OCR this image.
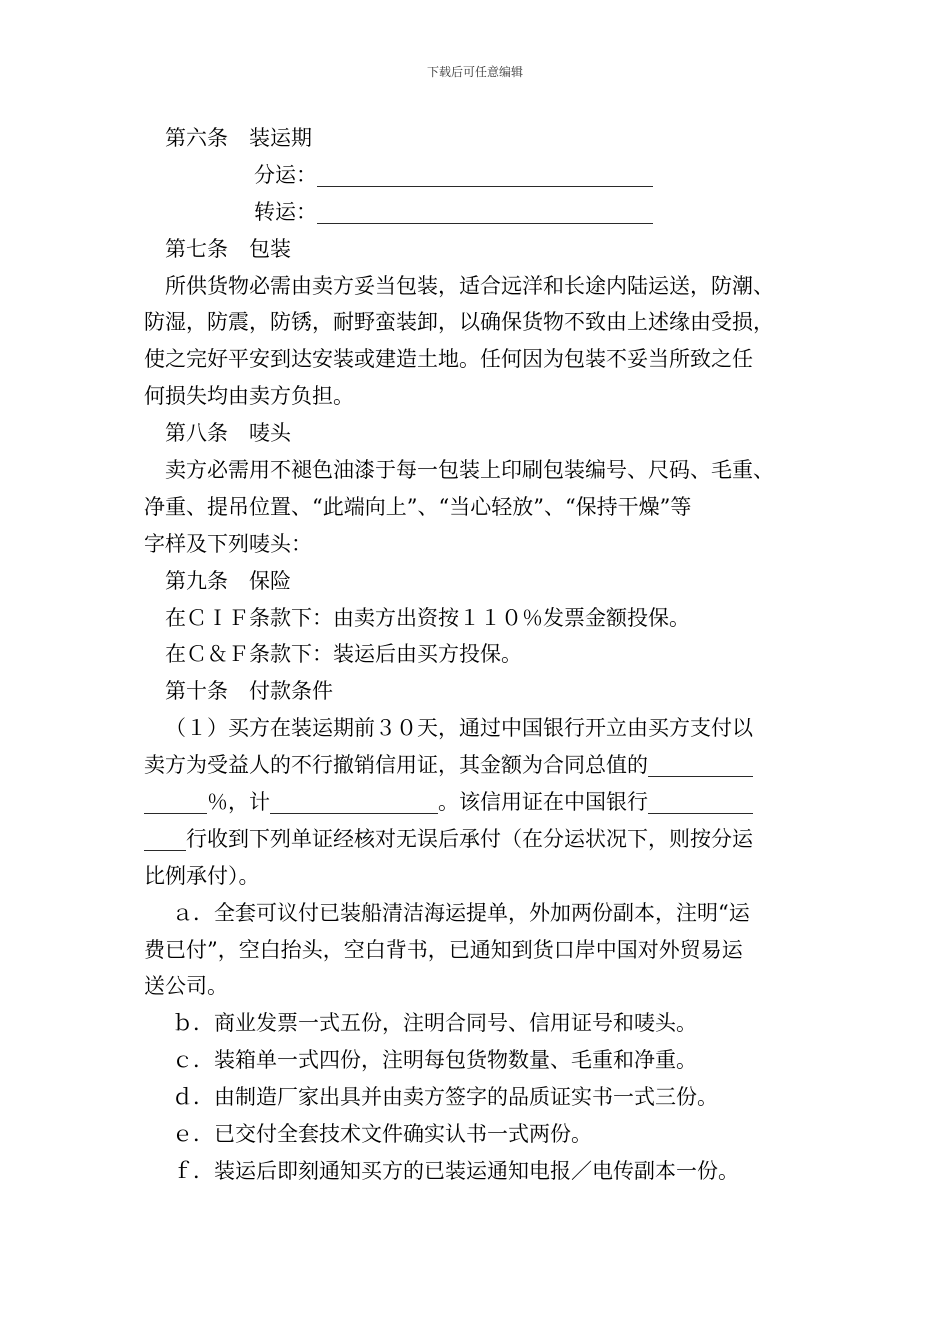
下载后可任意编辑
第六条　装运期
分运：________________________________
转运：________________________________
第七条　包装
所供货物必需由卖方妥当包装，适合远洋和长途内陆运送，防潮、
防湿，防震，防锈，耐野蛮装卸，以确保货物不致由上述缘由受损，
使之完好平安到达安装或建造土地。任何因为包装不妥当所致之任
何损失均由卖方负担。
第八条　唛头
卖方必需用不褪色油漆于每一包装上印刷包装编号、尺码、毛重、
净重、提吊位置、“此端向上”、“当心轻放”、“保持干燥”等
字样及下列唛头：
第九条　保险
在ＣＩＦ条款下：由卖方出资按１１０％发票金额投保。
在Ｃ＆Ｆ条款下：装运后由买方投保。
第十条　付款条件
（１）买方在装运期前３０天，通过中国银行开立由买方支付以
卖方为受益人的不行撤销信用证，其金额为合同总值的__________
______％，计________________。该信用证在中国银行__________
____行收到下列单证经核对无误后承付（在分运状况下，则按分运
比例承付）。
ａ．全套可议付已装船清洁海运提单，外加两份副本，注明“运
费已付”，空白抬头，空白背书，已通知到货口岸中国对外贸易运
送公司。
ｂ．商业发票一式五份，注明合同号、信用证号和唛头。
ｃ．装箱单一式四份，注明每包货物数量、毛重和净重。
ｄ．由制造厂家出具并由卖方签字的品质证实书一式三份。
ｅ．已交付全套技术文件确实认书一式两份。
ｆ．装运后即刻通知买方的已装运通知电报／电传副本一份。
